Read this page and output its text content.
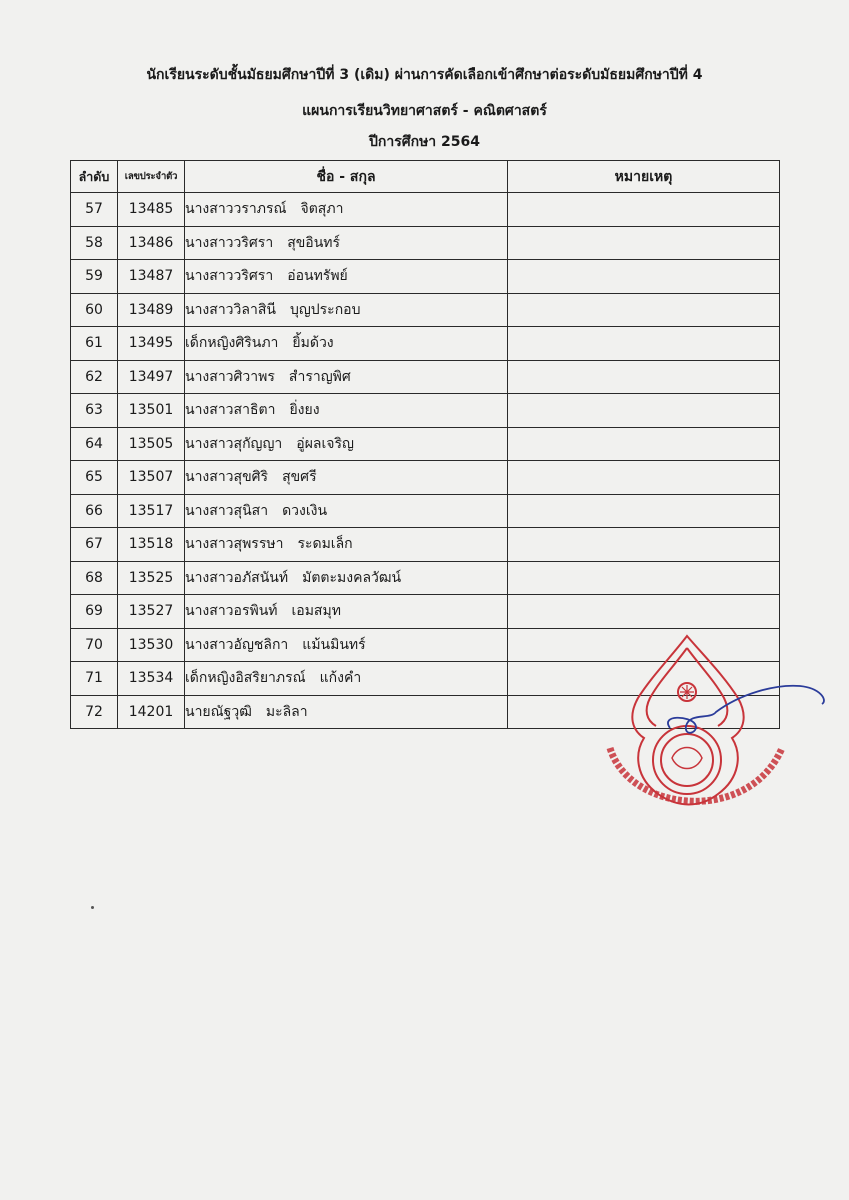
นักเรียนระดับชั้นมัธยมศึกษาปีที่ 3 (เดิม) ผ่านการคัดเลือกเข้าศึกษาต่อระดับมัธยมศึกษาปีที่ 4
แผนการเรียนวิทยาศาสตร์ - คณิตศาสตร์
ปีการศึกษา 2564
ลำดับ	เลขประจำตัว	ชื่อ - สกุล	หมายเหตุ
57	13485	นางสาววราภรณ์ จิตสุภา	
58	13486	นางสาววริศรา สุขอินทร์	
59	13487	นางสาววริศรา อ่อนทรัพย์	
60	13489	นางสาววิลาสินี บุญประกอบ	
61	13495	เด็กหญิงศิรินภา ยิ้มด้วง	
62	13497	นางสาวศิวาพร สำราญพิศ	
63	13501	นางสาวสาธิตา ยิ่งยง	
64	13505	นางสาวสุกัญญา อู่ผลเจริญ	
65	13507	นางสาวสุขศิริ สุขศรี	
66	13517	นางสาวสุนิสา ดวงเงิน	
67	13518	นางสาวสุพรรษา ระดมเล็ก	
68	13525	นางสาวอภัสนันท์ มัตตะมงคลวัฒน์	
69	13527	นางสาวอรพินท์ เอมสมุท	
70	13530	นางสาวอัญชลิกา แม้นมินทร์	
71	13534	เด็กหญิงอิสริยาภรณ์ แก้งคำ	
72	14201	นายณัฐวุฒิ มะลิลา	
